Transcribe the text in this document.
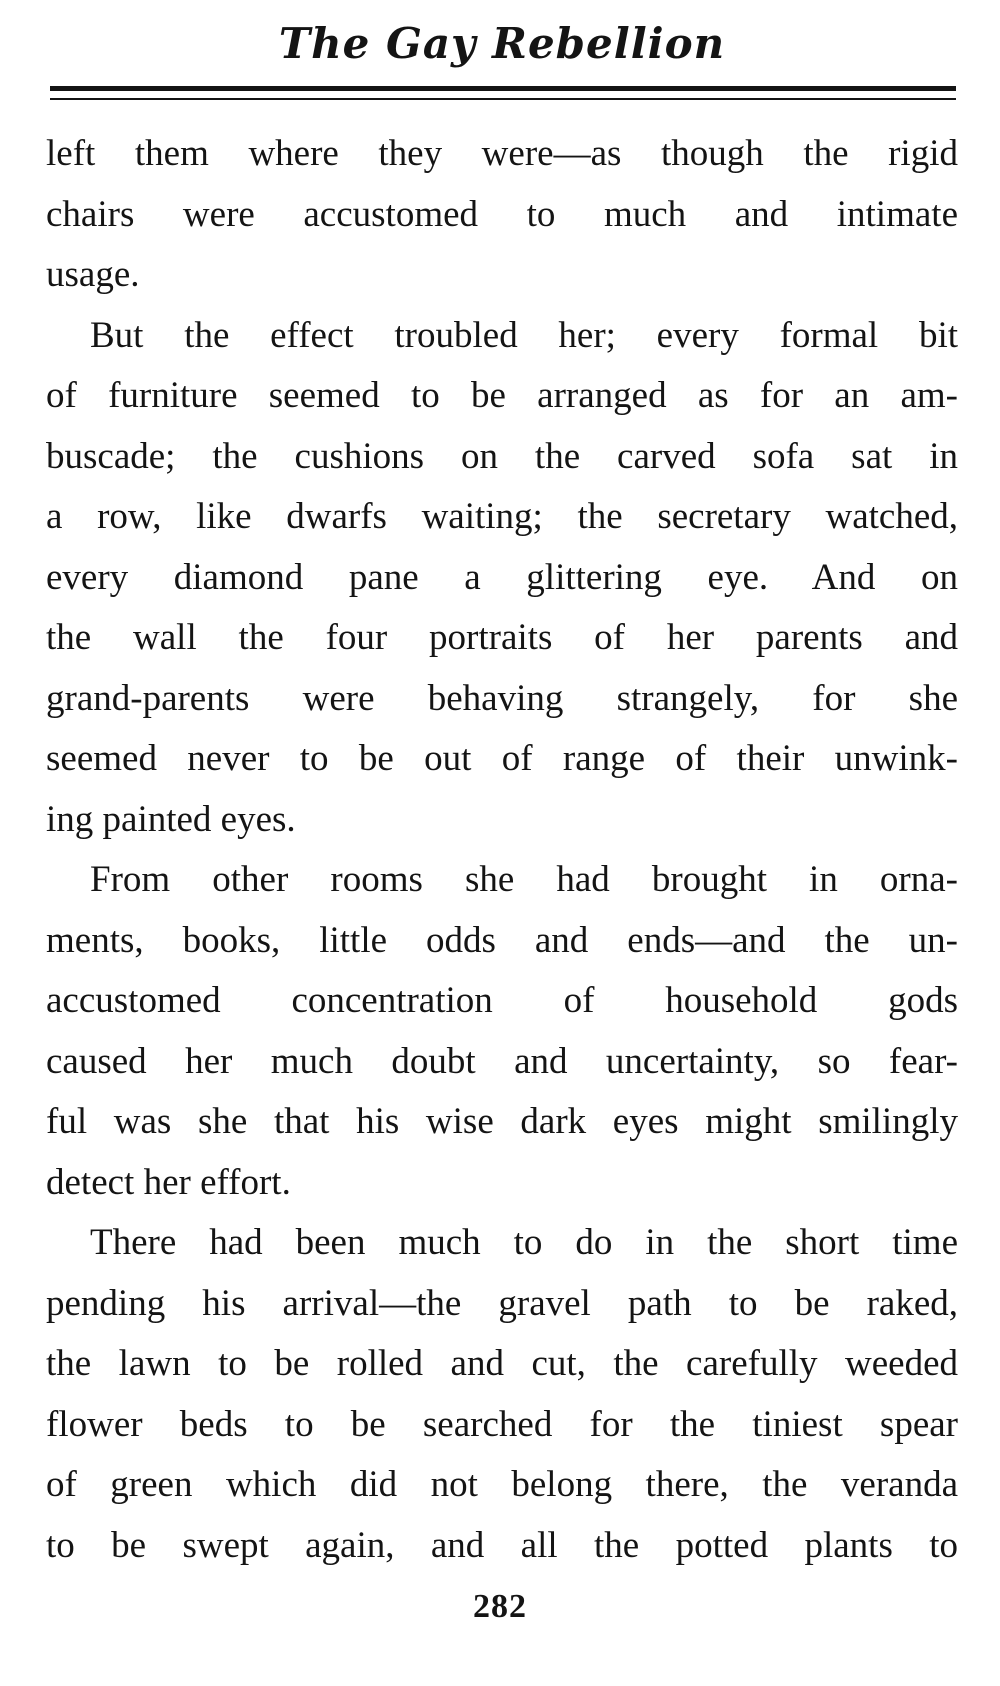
The Gay Rebellion
left them where they were—as though the rigid
chairs were accustomed to much and intimate
usage.
But the effect troubled her; every formal bit
of furniture seemed to be arranged as for an am-
buscade; the cushions on the carved sofa sat in
a row, like dwarfs waiting; the secretary watched,
every diamond pane a glittering eye. And on
the wall the four portraits of her parents and
grand-parents were behaving strangely, for she
seemed never to be out of range of their unwink-
ing painted eyes.
From other rooms she had brought in orna-
ments, books, little odds and ends—and the un-
accustomed concentration of household gods
caused her much doubt and uncertainty, so fear-
ful was she that his wise dark eyes might smilingly
detect her effort.
There had been much to do in the short time
pending his arrival—the gravel path to be raked,
the lawn to be rolled and cut, the carefully weeded
flower beds to be searched for the tiniest spear
of green which did not belong there, the veranda
to be swept again, and all the potted plants to

282
